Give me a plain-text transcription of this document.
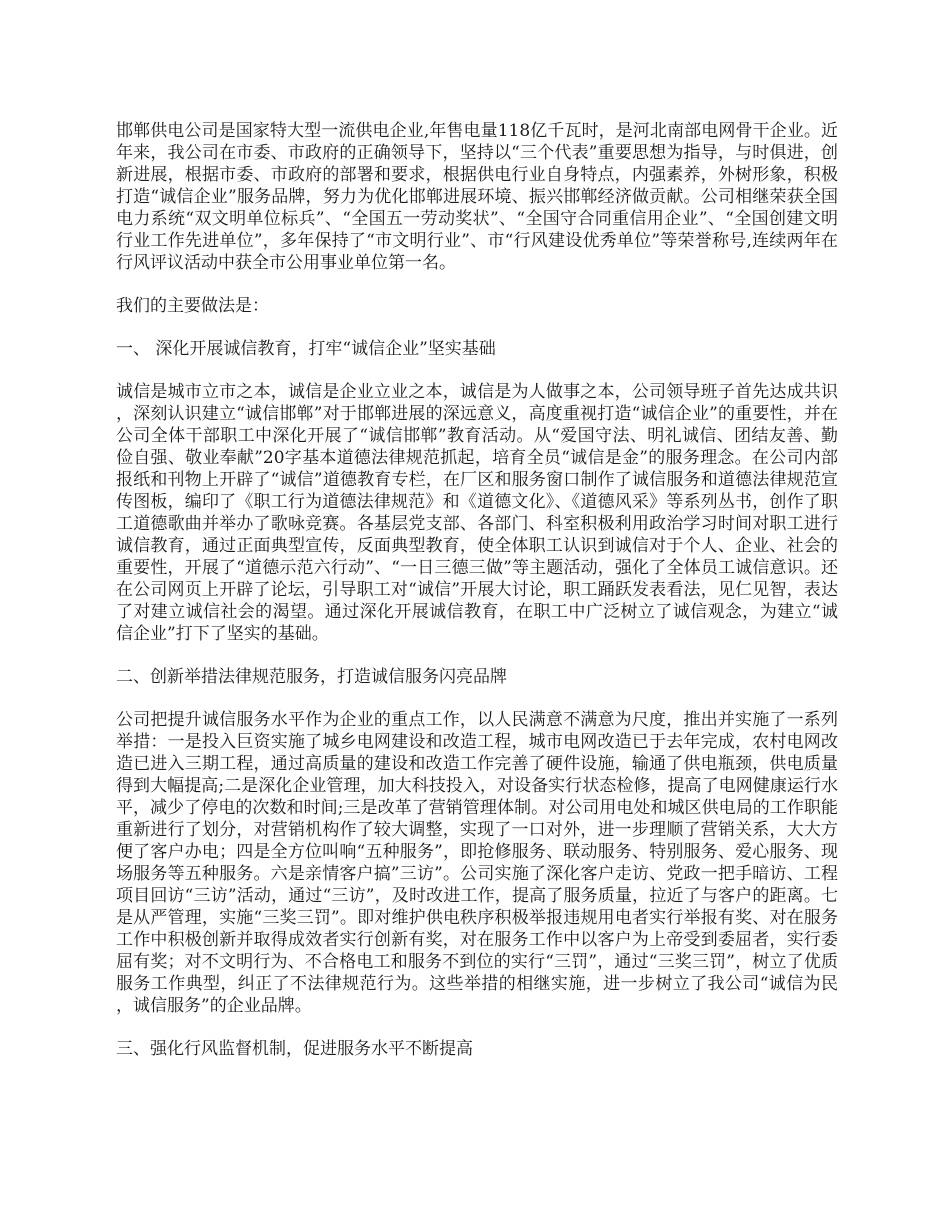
邯郸供电公司是国家特大型一流供电企业,年售电量118亿千瓦时，是河北南部电网骨干企业。近年来，我公司在市委、市政府的正确领导下，坚持以“三个代表”重要思想为指导，与时俱进，创新进展，根据市委、市政府的部署和要求，根据供电行业自身特点，内强素养，外树形象，积极打造“诚信企业”服务品牌，努力为优化邯郸进展环境、振兴邯郸经济做贡献。公司相继荣获全国电力系统“双文明单位标兵”、“全国五一劳动奖状”、“全国守合同重信用企业”、“全国创建文明行业工作先进单位”，多年保持了“市文明行业”、市“行风建设优秀单位”等荣誉称号,连续两年在行风评议活动中获全市公用事业单位第一名。

我们的主要做法是：

一、 深化开展诚信教育，打牢“诚信企业”坚实基础

诚信是城市立市之本，诚信是企业立业之本，诚信是为人做事之本，公司领导班子首先达成共识，深刻认识建立“诚信邯郸”对于邯郸进展的深远意义，高度重视打造“诚信企业”的重要性，并在公司全体干部职工中深化开展了“诚信邯郸”教育活动。从“爱国守法、明礼诚信、团结友善、勤俭自强、敬业奉献”20字基本道德法律规范抓起，培育全员“诚信是金”的服务理念。在公司内部报纸和刊物上开辟了“诚信”道德教育专栏，在厂区和服务窗口制作了诚信服务和道德法律规范宣传图板，编印了《职工行为道德法律规范》和《道德文化》、《道德风采》等系列丛书，创作了职工道德歌曲并举办了歌咏竞赛。各基层党支部、各部门、科室积极利用政治学习时间对职工进行诚信教育，通过正面典型宣传，反面典型教育，使全体职工认识到诚信对于个人、企业、社会的重要性，开展了“道德示范六行动”、“一日三德三做”等主题活动，强化了全体员工诚信意识。还在公司网页上开辟了论坛，引导职工对“诚信”开展大讨论，职工踊跃发表看法，见仁见智，表达了对建立诚信社会的渴望。通过深化开展诚信教育，在职工中广泛树立了诚信观念，为建立“诚信企业”打下了坚实的基础。

二、创新举措法律规范服务，打造诚信服务闪亮品牌

公司把提升诚信服务水平作为企业的重点工作，以人民满意不满意为尺度，推出并实施了一系列举措：一是投入巨资实施了城乡电网建设和改造工程，城市电网改造已于去年完成，农村电网改造已进入三期工程，通过高质量的建设和改造工作完善了硬件设施，输通了供电瓶颈，供电质量得到大幅提高;二是深化企业管理，加大科技投入，对设备实行状态检修，提高了电网健康运行水平，减少了停电的次数和时间;三是改革了营销管理体制。对公司用电处和城区供电局的工作职能重新进行了划分，对营销机构作了较大调整，实现了一口对外，进一步理顺了营销关系，大大方便了客户办电；四是全方位叫响“五种服务”，即抢修服务、联动服务、特别服务、爱心服务、现场服务等五种服务。六是亲情客户搞”三访”。公司实施了深化客户走访、党政一把手暗访、工程项目回访“三访”活动，通过“三访”，及时改进工作，提高了服务质量，拉近了与客户的距离。七是从严管理，实施“三奖三罚”。即对维护供电秩序积极举报违规用电者实行举报有奖、对在服务工作中积极创新并取得成效者实行创新有奖，对在服务工作中以客户为上帝受到委屈者，实行委屈有奖；对不文明行为、不合格电工和服务不到位的实行“三罚”，通过“三奖三罚”，树立了优质服务工作典型，纠正了不法律规范行为。这些举措的相继实施，进一步树立了我公司“诚信为民，诚信服务”的企业品牌。

三、强化行风监督机制，促进服务水平不断提高
